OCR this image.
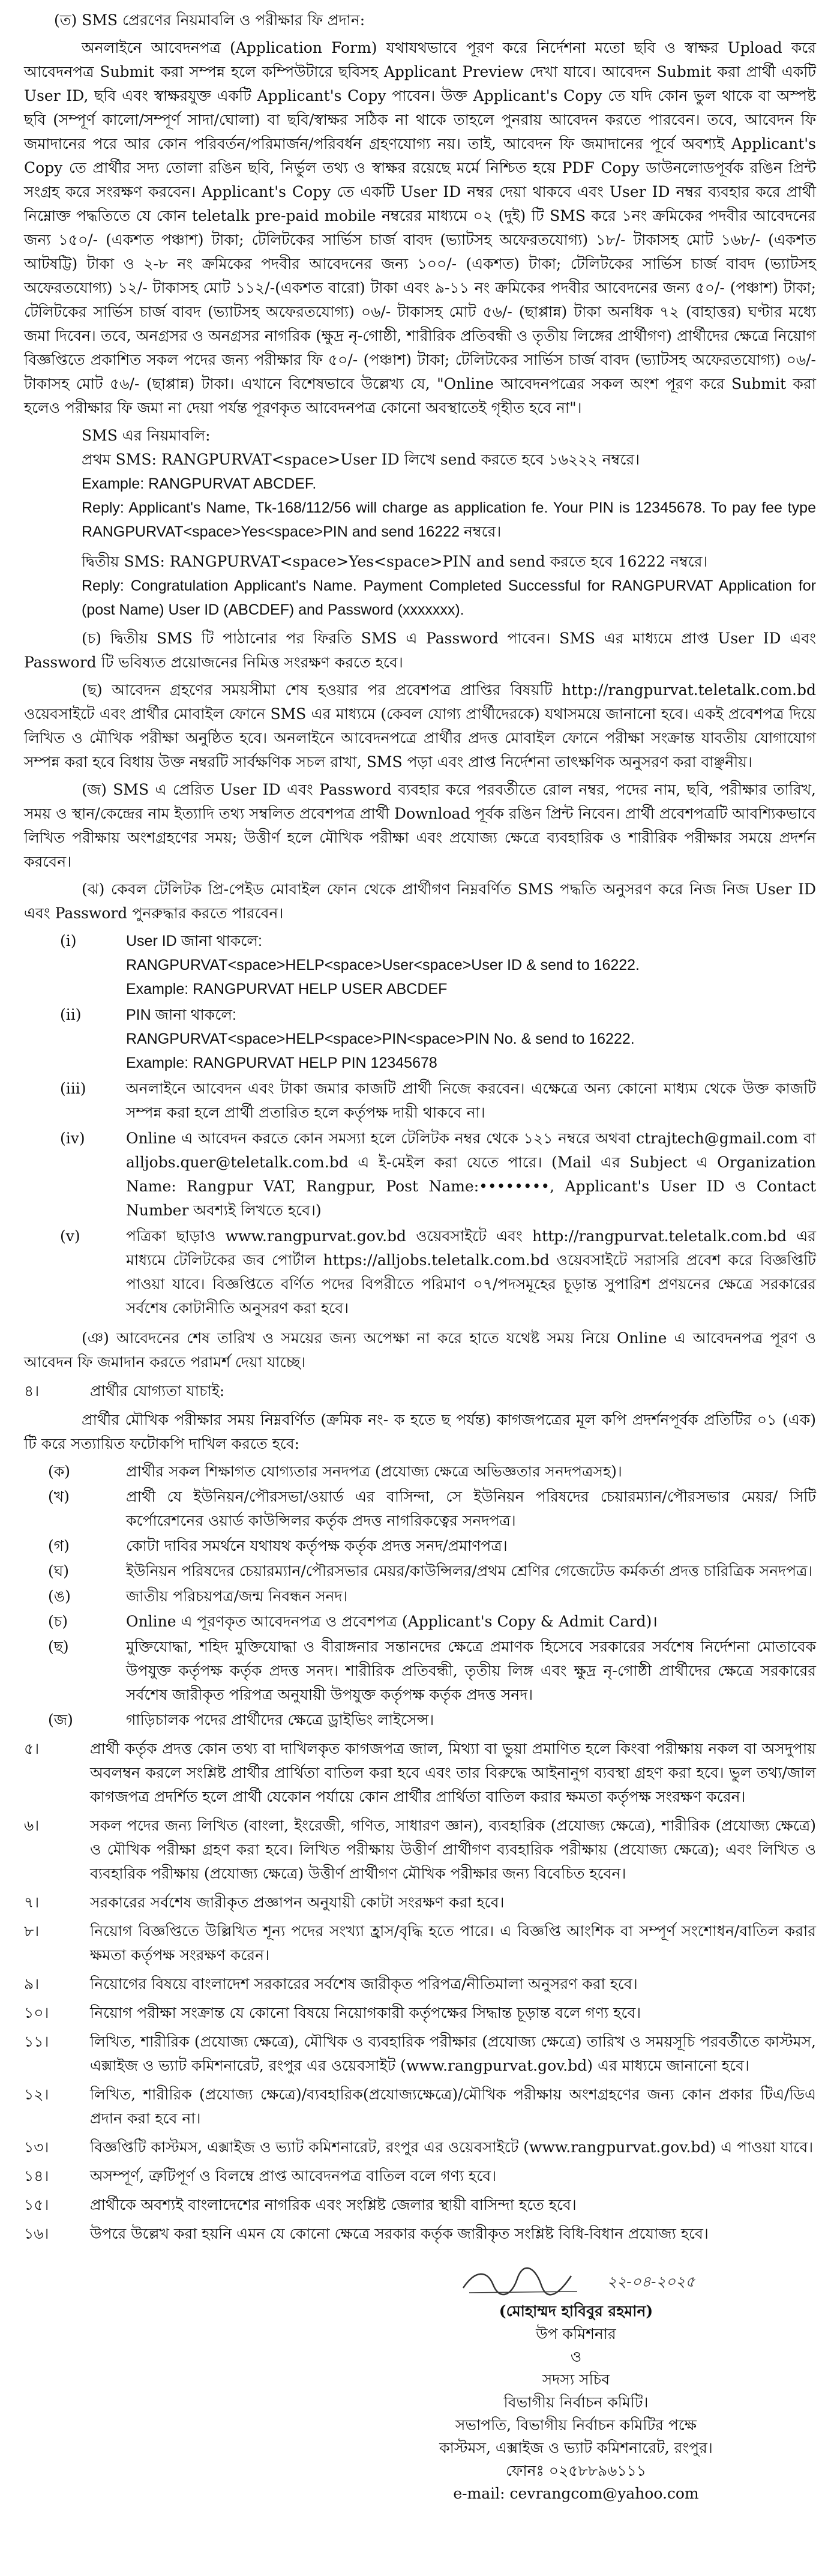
(ত) SMS প্রেরণের নিয়মাবলি ও পরীক্ষার ফি প্রদান:
অনলাইনে আবেদনপত্র (Application Form) যথাযথভাবে পূরণ করে নির্দেশনা মতো ছবি ও স্বাক্ষর Upload করে আবেদনপত্র Submit করা সম্পন্ন হলে কম্পিউটারে ছবিসহ Applicant Preview দেখা যাবে। আবেদন Submit করা প্রার্থী একটি User ID, ছবি এবং স্বাক্ষরযুক্ত একটি Applicant's Copy পাবেন। উক্ত Applicant's Copy তে যদি কোন ভুল থাকে বা অস্পষ্ট ছবি (সম্পূর্ণ কালো/সম্পূর্ণ সাদা/ঘোলা) বা ছবি/স্বাক্ষর সঠিক না থাকে তাহলে পুনরায় আবেদন করতে পারবেন। তবে, আবেদন ফি জমাদানের পরে আর কোন পরিবর্তন/পরিমার্জন/পরিবর্ধন গ্রহণযোগ্য নয়। তাই, আবেদন ফি জমাদানের পূর্বে অবশ্যই Applicant's Copy তে প্রার্থীর সদ্য তোলা রঙিন ছবি, নির্ভুল তথ্য ও স্বাক্ষর রয়েছে মর্মে নিশ্চিত হয়ে PDF Copy ডাউনলোডপূর্বক রঙিন প্রিন্ট সংগ্রহ করে সংরক্ষণ করবেন। Applicant's Copy তে একটি User ID নম্বর দেয়া থাকবে এবং User ID নম্বর ব্যবহার করে প্রার্থী নিম্নোক্ত পদ্ধতিতে যে কোন teletalk pre-paid mobile নম্বরের মাধ্যমে ০২ (দুই) টি SMS করে ১নং ক্রমিকের পদবীর আবেদনের জন্য ১৫০/- (একশত পঞ্চাশ) টাকা; টেলিটকের সার্ভিস চার্জ বাবদ (ভ্যাটসহ অফেরতযোগ্য) ১৮/- টাকাসহ মোট ১৬৮/- (একশত আটষট্টি) টাকা ও ২-৮ নং ক্রমিকের পদবীর আবেদনের জন্য ১০০/- (একশত) টাকা; টেলিটকের সার্ভিস চার্জ বাবদ (ভ্যাটসহ অফেরতযোগ্য) ১২/- টাকাসহ মোট ১১২/-(একশত বারো) টাকা এবং ৯-১১ নং ক্রমিকের পদবীর আবেদনের জন্য ৫০/- (পঞ্চাশ) টাকা; টেলিটকের সার্ভিস চার্জ বাবদ (ভ্যাটসহ অফেরতযোগ্য) ০৬/- টাকাসহ মোট ৫৬/- (ছাপ্পান্ন) টাকা অনধিক ৭২ (বাহাত্তর) ঘণ্টার মধ্যে জমা দিবেন। তবে, অনগ্রসর ও অনগ্রসর নাগরিক (ক্ষুদ্র নৃ-গোষ্ঠী, শারীরিক প্রতিবন্ধী ও তৃতীয় লিঙ্গের প্রার্থীগণ) প্রার্থীদের ক্ষেত্রে নিয়োগ বিজ্ঞপ্তিতে প্রকাশিত সকল পদের জন্য পরীক্ষার ফি ৫০/- (পঞ্চাশ) টাকা; টেলিটকের সার্ভিস চার্জ বাবদ (ভ্যাটসহ অফেরতযোগ্য) ০৬/- টাকাসহ মোট ৫৬/- (ছাপ্পান্ন) টাকা। এখানে বিশেষভাবে উল্লেখ্য যে, "Online আবেদনপত্রের সকল অংশ পূরণ করে Submit করা হলেও পরীক্ষার ফি জমা না দেয়া পর্যন্ত পূরণকৃত আবেদনপত্র কোনো অবস্থাতেই গৃহীত হবে না"।
SMS এর নিয়মাবলি:
প্রথম SMS: RANGPURVAT<space>User ID লিখে send করতে হবে ১৬২২২ নম্বরে।
Example: RANGPURVAT ABCDEF.
Reply: Applicant's Name, Tk-168/112/56 will charge as application fe. Your PIN is 12345678. To pay fee type RANGPURVAT<space>Yes<space>PIN and send 16222 নম্বরে।
দ্বিতীয় SMS: RANGPURVAT<space>Yes<space>PIN and send করতে হবে 16222 নম্বরে।
Reply: Congratulation Applicant's Name. Payment Completed Successful for RANGPURVAT Application for (post Name) User ID (ABCDEF) and Password (xxxxxxx).
(চ) দ্বিতীয় SMS টি পাঠানোর পর ফিরতি SMS এ Password পাবেন। SMS এর মাধ্যমে প্রাপ্ত User ID এবং Password টি ভবিষ্যত প্রয়োজনের নিমিত্ত সংরক্ষণ করতে হবে।
(ছ) আবেদন গ্রহণের সময়সীমা শেষ হওয়ার পর প্রবেশপত্র প্রাপ্তির বিষয়টি http://rangpurvat.teletalk.com.bd ওয়েবসাইটে এবং প্রার্থীর মোবাইল ফোনে SMS এর মাধ্যমে (কেবল যোগ্য প্রার্থীদেরকে) যথাসময়ে জানানো হবে। একই প্রবেশপত্র দিয়ে লিখিত ও মৌখিক পরীক্ষা অনুষ্ঠিত হবে। অনলাইনে আবেদনপত্রে প্রার্থীর প্রদত্ত মোবাইল ফোনে পরীক্ষা সংক্রান্ত যাবতীয় যোগাযোগ সম্পন্ন করা হবে বিধায় উক্ত নম্বরটি সার্বক্ষণিক সচল রাখা, SMS পড়া এবং প্রাপ্ত নির্দেশনা তাৎক্ষণিক অনুসরণ করা বাঞ্ছনীয়।
(জ) SMS এ প্রেরিত User ID এবং Password ব্যবহার করে পরবর্তীতে রোল নম্বর, পদের নাম, ছবি, পরীক্ষার তারিখ, সময় ও স্থান/কেন্দ্রের নাম ইত্যাদি তথ্য সম্বলিত প্রবেশপত্র প্রার্থী Download পূর্বক রঙিন প্রিন্ট নিবেন। প্রার্থী প্রবেশপত্রটি আবশ্যিকভাবে লিখিত পরীক্ষায় অংশগ্রহণের সময়; উত্তীর্ণ হলে মৌখিক পরীক্ষা এবং প্রযোজ্য ক্ষেত্রে ব্যবহারিক ও শারীরিক পরীক্ষার সময়ে প্রদর্শন করবেন।
(ঝ) কেবল টেলিটক প্রি-পেইড মোবাইল ফোন থেকে প্রার্থীগণ নিম্নবর্ণিত SMS পদ্ধতি অনুসরণ করে নিজ নিজ User ID এবং Password পুনরুদ্ধার করতে পারবেন।
(i)	User ID জানা থাকলে:
RANGPURVAT<space>HELP<space>User<space>User ID & send to 16222.
Example: RANGPURVAT HELP USER ABCDEF
(ii)	PIN জানা থাকলে:
RANGPURVAT<space>HELP<space>PIN<space>PIN No. & send to 16222.
Example: RANGPURVAT HELP PIN 12345678
(iii)	অনলাইনে আবেদন এবং টাকা জমার কাজটি প্রার্থী নিজে করবেন। এক্ষেত্রে অন্য কোনো মাধ্যম থেকে উক্ত কাজটি সম্পন্ন করা হলে প্রার্থী প্রতারিত হলে কর্তৃপক্ষ দায়ী থাকবে না।
(iv)	Online এ আবেদন করতে কোন সমস্যা হলে টেলিটক নম্বর থেকে ১২১ নম্বরে অথবা ctrajtech@gmail.com বা alljobs.quer@teletalk.com.bd এ ই-মেইল করা যেতে পারে। (Mail এর Subject এ Organization Name: Rangpur VAT, Rangpur, Post Name:••••••••, Applicant's User ID ও Contact Number অবশ্যই লিখতে হবে।)
(v)	পত্রিকা ছাড়াও www.rangpurvat.gov.bd ওয়েবসাইটে এবং http://rangpurvat.teletalk.com.bd এর মাধ্যমে টেলিটকের জব পোর্টাল https://alljobs.teletalk.com.bd ওয়েবসাইটে সরাসরি প্রবেশ করে বিজ্ঞপ্তিটি পাওয়া যাবে। বিজ্ঞপ্তিতে বর্ণিত পদের বিপরীতে পরিমাণ ০৭/পদসমূহের চূড়ান্ত সুপারিশ প্রণয়নের ক্ষেত্রে সরকারের সর্বশেষ কোটানীতি অনুসরণ করা হবে।
(ঞ) আবেদনের শেষ তারিখ ও সময়ের জন্য অপেক্ষা না করে হাতে যথেষ্ট সময় নিয়ে Online এ আবেদনপত্র পূরণ ও আবেদন ফি জমাদান করতে পরামর্শ দেয়া যাচ্ছে।
৪।	প্রার্থীর যোগ্যতা যাচাই:
প্রার্থীর মৌখিক পরীক্ষার সময় নিম্নবর্ণিত (ক্রমিক নং- ক হতে ছ পর্যন্ত) কাগজপত্রের মূল কপি প্রদর্শনপূর্বক প্রতিটির ০১ (এক) টি করে সত্যায়িত ফটোকপি দাখিল করতে হবে:
(ক)	প্রার্থীর সকল শিক্ষাগত যোগ্যতার সনদপত্র (প্রযোজ্য ক্ষেত্রে অভিজ্ঞতার সনদপত্রসহ)।
(খ)	প্রার্থী যে ইউনিয়ন/পৌরসভা/ওয়ার্ড এর বাসিন্দা, সে ইউনিয়ন পরিষদের চেয়ারম্যান/পৌরসভার মেয়র/ সিটি কর্পোরেশনের ওয়ার্ড কাউন্সিলর কর্তৃক প্রদত্ত নাগরিকত্বের সনদপত্র।
(গ)	কোটা দাবির সমর্থনে যথাযথ কর্তৃপক্ষ কর্তৃক প্রদত্ত সনদ/প্রমাণপত্র।
(ঘ)	ইউনিয়ন পরিষদের চেয়ারম্যান/পৌরসভার মেয়র/কাউন্সিলর/প্রথম শ্রেণির গেজেটেড কর্মকর্তা প্রদত্ত চারিত্রিক সনদপত্র।
(ঙ)	জাতীয় পরিচয়পত্র/জন্ম নিবন্ধন সনদ।
(চ)	Online এ পূরণকৃত আবেদনপত্র ও প্রবেশপত্র (Applicant's Copy & Admit Card)।
(ছ)	মুক্তিযোদ্ধা, শহিদ মুক্তিযোদ্ধা ও বীরাঙ্গনার সন্তানদের ক্ষেত্রে প্রমাণক হিসেবে সরকারের সর্বশেষ নির্দেশনা মোতাবেক উপযুক্ত কর্তৃপক্ষ কর্তৃক প্রদত্ত সনদ। শারীরিক প্রতিবন্ধী, তৃতীয় লিঙ্গ এবং ক্ষুদ্র নৃ-গোষ্ঠী প্রার্থীদের ক্ষেত্রে সরকারের সর্বশেষ জারীকৃত পরিপত্র অনুযায়ী উপযুক্ত কর্তৃপক্ষ কর্তৃক প্রদত্ত সনদ।
(জ)	গাড়িচালক পদের প্রার্থীদের ক্ষেত্রে ড্রাইভিং লাইসেন্স।
৫।	প্রার্থী কর্তৃক প্রদত্ত কোন তথ্য বা দাখিলকৃত কাগজপত্র জাল, মিথ্যা বা ভুয়া প্রমাণিত হলে কিংবা পরীক্ষায় নকল বা অসদুপায় অবলম্বন করলে সংশ্লিষ্ট প্রার্থীর প্রার্থিতা বাতিল করা হবে এবং তার বিরুদ্ধে আইনানুগ ব্যবস্থা গ্রহণ করা হবে। ভুল তথ্য/জাল কাগজপত্র প্রদর্শিত হলে প্রার্থী যেকোন পর্যায়ে কোন প্রার্থীর প্রার্থিতা বাতিল করার ক্ষমতা কর্তৃপক্ষ সংরক্ষণ করেন।
৬।	সকল পদের জন্য লিখিত (বাংলা, ইংরেজী, গণিত, সাধারণ জ্ঞান), ব্যবহারিক (প্রযোজ্য ক্ষেত্রে), শারীরিক (প্রযোজ্য ক্ষেত্রে) ও মৌখিক পরীক্ষা গ্রহণ করা হবে। লিখিত পরীক্ষায় উত্তীর্ণ প্রার্থীগণ ব্যবহারিক পরীক্ষায় (প্রযোজ্য ক্ষেত্রে); এবং লিখিত ও ব্যবহারিক পরীক্ষায় (প্রযোজ্য ক্ষেত্রে) উত্তীর্ণ প্রার্থীগণ মৌখিক পরীক্ষার জন্য বিবেচিত হবেন।
৭।	সরকারের সর্বশেষ জারীকৃত প্রজ্ঞাপন অনুযায়ী কোটা সংরক্ষণ করা হবে।
৮।	নিয়োগ বিজ্ঞপ্তিতে উল্লিখিত শূন্য পদের সংখ্যা হ্রাস/বৃদ্ধি হতে পারে। এ বিজ্ঞপ্তি আংশিক বা সম্পূর্ণ সংশোধন/বাতিল করার ক্ষমতা কর্তৃপক্ষ সংরক্ষণ করেন।
৯।	নিয়োগের বিষয়ে বাংলাদেশ সরকারের সর্বশেষ জারীকৃত পরিপত্র/নীতিমালা অনুসরণ করা হবে।
১০।	নিয়োগ পরীক্ষা সংক্রান্ত যে কোনো বিষয়ে নিয়োগকারী কর্তৃপক্ষের সিদ্ধান্ত চূড়ান্ত বলে গণ্য হবে।
১১।	লিখিত, শারীরিক (প্রযোজ্য ক্ষেত্রে), মৌখিক ও ব্যবহারিক পরীক্ষার (প্রযোজ্য ক্ষেত্রে) তারিখ ও সময়সূচি পরবর্তীতে কাস্টমস, এক্সাইজ ও ভ্যাট কমিশনারেট, রংপুর এর ওয়েবসাইট (www.rangpurvat.gov.bd) এর মাধ্যমে জানানো হবে।
১২।	লিখিত, শারীরিক (প্রযোজ্য ক্ষেত্রে)/ব্যবহারিক(প্রযোজ্যক্ষেত্রে)/মৌখিক পরীক্ষায় অংশগ্রহণের জন্য কোন প্রকার টিএ/ডিএ প্রদান করা হবে না।
১৩।	বিজ্ঞপ্তিটি কাস্টমস, এক্সাইজ ও ভ্যাট কমিশনারেট, রংপুর এর ওয়েবসাইটে (www.rangpurvat.gov.bd) এ পাওয়া যাবে।
১৪।	অসম্পূর্ণ, ত্রুটিপূর্ণ ও বিলম্বে প্রাপ্ত আবেদনপত্র বাতিল বলে গণ্য হবে।
১৫।	প্রার্থীকে অবশ্যই বাংলাদেশের নাগরিক এবং সংশ্লিষ্ট জেলার স্থায়ী বাসিন্দা হতে হবে।
১৬।	উপরে উল্লেখ করা হয়নি এমন যে কোনো ক্ষেত্রে সরকার কর্তৃক জারীকৃত সংশ্লিষ্ট বিধি-বিধান প্রযোজ্য হবে।
২২-০৪-২০২৫
(মোহাম্মদ হাবিবুর রহমান)
উপ কমিশনার
ও
সদস্য সচিব
বিভাগীয় নির্বাচন কমিটি।
সভাপতি, বিভাগীয় নির্বাচন কমিটির পক্ষে
কাস্টমস, এক্সাইজ ও ভ্যাট কমিশনারেট, রংপুর।
ফোনঃ ০২৫৮৮৯৬১১১
e-mail: cevrangcom@yahoo.com
